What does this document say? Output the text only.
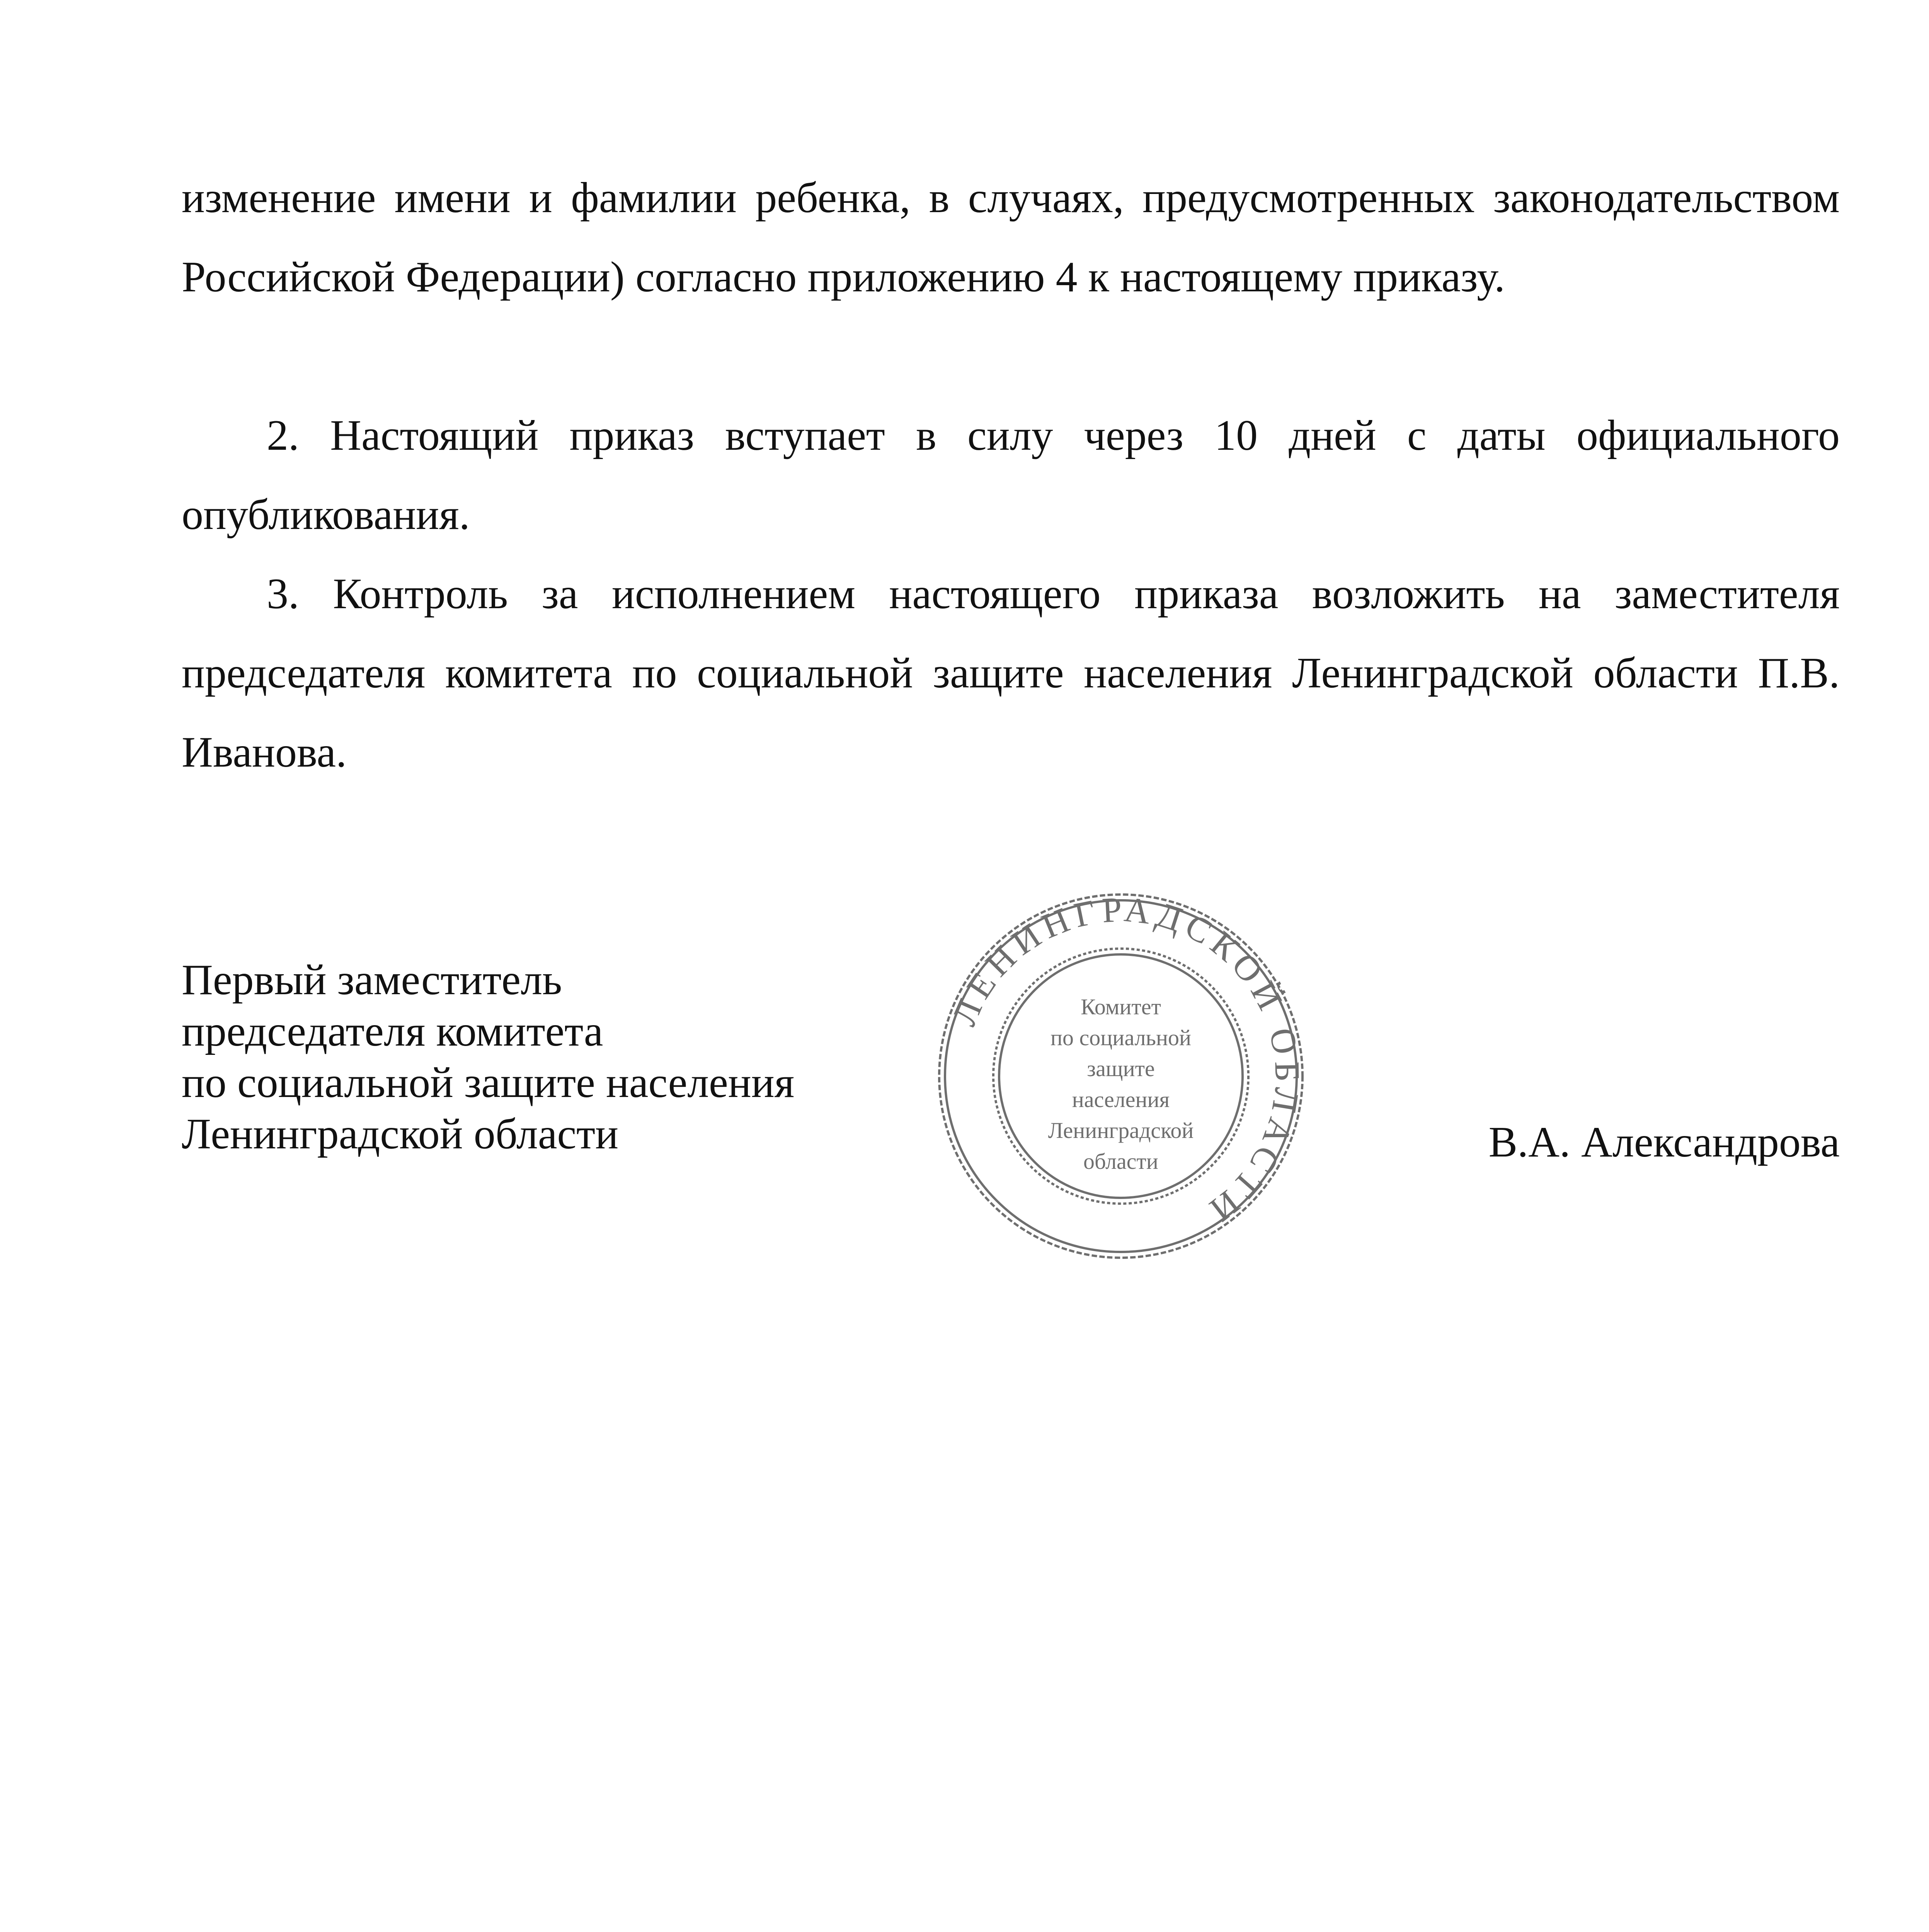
изменение имени и фамилии ребенка, в случаях, предусмотренных законодательством Российской Федерации) согласно приложению 4 к настоящему приказу.

2. Настоящий приказ вступает в силу через 10 дней с даты официального опубликования.

3. Контроль за исполнением настоящего приказа возложить на заместителя председателя комитета по социальной защите населения Ленинградской области П.В. Иванова.

Первый заместитель
председателя комитета
по социальной защите населения
Ленинградской области
ЛЕНИНГРАДСКОЙ ОБЛАСТИ
Комитет
по социальной
защите
населения
Ленинградской
области	В.А. Александрова
